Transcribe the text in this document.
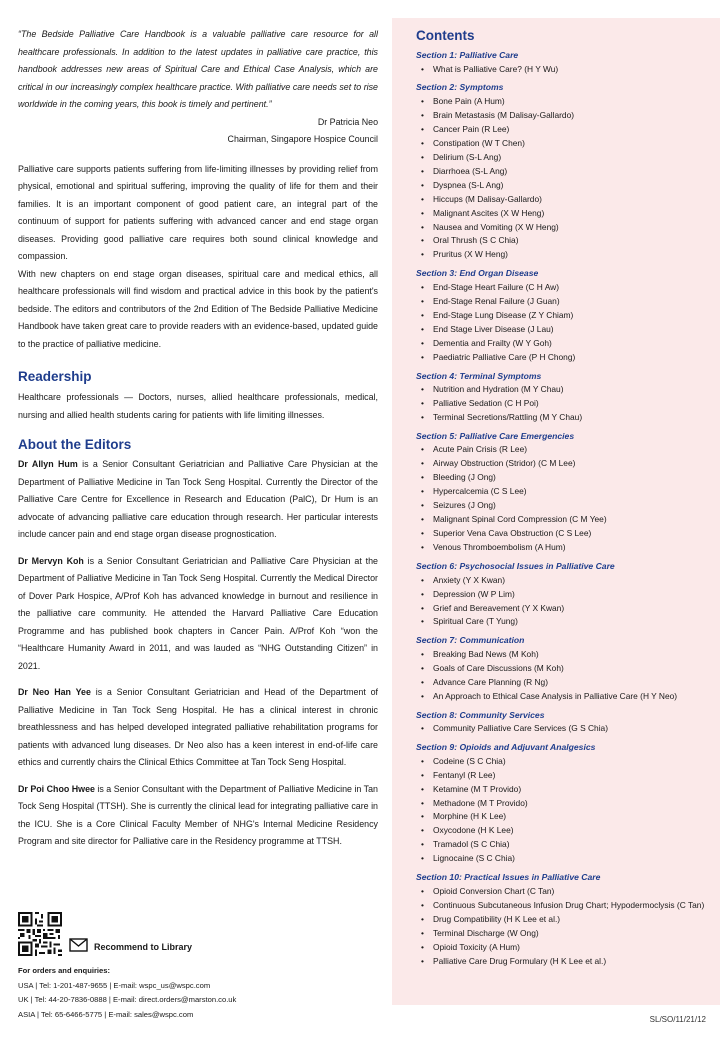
“The Bedside Palliative Care Handbook is a valuable palliative care resource for all healthcare professionals. In addition to the latest updates in palliative care practice, this handbook addresses new areas of Spiritual Care and Ethical Case Analysis, which are critical in our increasingly complex healthcare practice. With palliative care needs set to rise worldwide in the coming years, this book is timely and pertinent.”

Dr Patricia Neo

Chairman, Singapore Hospice Council

Palliative care supports patients suffering from life-limiting illnesses by providing relief from physical, emotional and spiritual suffering, improving the quality of life for them and their families. It is an important component of good patient care, an integral part of the continuum of support for patients suffering with advanced cancer and end stage organ diseases. Providing good palliative care requires both sound clinical knowledge and compassion.

With new chapters on end stage organ diseases, spiritual care and medical ethics, all healthcare professionals will find wisdom and practical advice in this book by the patient's bedside. The editors and contributors of the 2nd Edition of The Bedside Palliative Medicine Handbook have taken great care to provide readers with an evidence-based, updated guide to the practice of palliative medicine.

Readership

Healthcare professionals — Doctors, nurses, allied healthcare professionals, medical, nursing and allied health students caring for patients with life limiting illnesses.

About the Editors

Dr Allyn Hum is a Senior Consultant Geriatrician and Palliative Care Physician at the Department of Palliative Medicine in Tan Tock Seng Hospital. Currently the Director of the Palliative Care Centre for Excellence in Research and Education (PalC), Dr Hum is an advocate of advancing palliative care education through research. Her particular interests include cancer pain and end stage organ disease prognostication.

Dr Mervyn Koh is a Senior Consultant Geriatrician and Palliative Care Physician at the Department of Palliative Medicine in Tan Tock Seng Hospital. Currently the Medical Director of Dover Park Hospice, A/Prof Koh has advanced knowledge in burnout and resilience in the palliative care community. He attended the Harvard Palliative Care Education Programme and has published book chapters in Cancer Pain. A/Prof Koh “won the “Healthcare Humanity Award in 2011, and was lauded as “NHG Outstanding Citizen” in 2021.

Dr Neo Han Yee is a Senior Consultant Geriatrician and Head of the Department of Palliative Medicine in Tan Tock Seng Hospital. He has a clinical interest in chronic breathlessness and has helped developed integrated palliative rehabilitation programs for patients with advanced lung diseases. Dr Neo also has a keen interest in end-of-life care ethics and currently chairs the Clinical Ethics Committee at Tan Tock Seng Hospital.

Dr Poi Choo Hwee is a Senior Consultant with the Department of Palliative Medicine in Tan Tock Seng Hospital (TTSH). She is currently the clinical lead for integrating palliative care in the ICU. She is a Core Clinical Faculty Member of NHG's Internal Medicine Residency Program and site director for Palliative care in the Residency programme at TTSH.

Recommend to Library
For orders and enquiries:
USA | Tel: 1-201-487-9655 | E-mail: wspc_us@wspc.com
UK | Tel: 44-20-7836-0888 | E-mail: direct.orders@marston.co.uk
ASIA | Tel: 65-6466-5775 | E-mail: sales@wspc.com
Contents
Section 1: Palliative Care
• What is Palliative Care? (H Y Wu)
Section 2: Symptoms
• Bone Pain (A Hum)
• Brain Metastasis (M Dalisay-Gallardo)
• Cancer Pain (R Lee)
• Constipation (W T Chen)
• Delirium (S-L Ang)
• Diarrhoea (S-L Ang)
• Dyspnea (S-L Ang)
• Hiccups (M Dalisay-Gallardo)
• Malignant Ascites (X W Heng)
• Nausea and Vomiting (X W Heng)
• Oral Thrush (S C Chia)
• Pruritus (X W Heng)
Section 3: End Organ Disease
• End-Stage Heart Failure (C H Aw)
• End-Stage Renal Failure (J Guan)
• End-Stage Lung Disease (Z Y Chiam)
• End Stage Liver Disease (J Lau)
• Dementia and Frailty (W Y Goh)
• Paediatric Palliative Care (P H Chong)
Section 4: Terminal Symptoms
• Nutrition and Hydration (M Y Chau)
• Palliative Sedation (C H Poi)
• Terminal Secretions/Rattling (M Y Chau)
Section 5: Palliative Care Emergencies
• Acute Pain Crisis (R Lee)
• Airway Obstruction (Stridor) (C M Lee)
• Bleeding (J Ong)
• Hypercalcemia (C S Lee)
• Seizures (J Ong)
• Malignant Spinal Cord Compression (C M Yee)
• Superior Vena Cava Obstruction (C S Lee)
• Venous Thromboembolism (A Hum)
Section 6: Psychosocial Issues in Palliative Care
• Anxiety (Y X Kwan)
• Depression (W P Lim)
• Grief and Bereavement (Y X Kwan)
• Spiritual Care (T Yung)
Section 7: Communication
• Breaking Bad News (M Koh)
• Goals of Care Discussions (M Koh)
• Advance Care Planning (R Ng)
• An Approach to Ethical Case Analysis in Palliative Care (H Y Neo)
Section 8: Community Services
• Community Palliative Care Services (G S Chia)
Section 9: Opioids and Adjuvant Analgesics
• Codeine (S C Chia)
• Fentanyl (R Lee)
• Ketamine (M T Provido)
• Methadone (M T Provido)
• Morphine (H K Lee)
• Oxycodone (H K Lee)
• Tramadol (S C Chia)
• Lignocaine (S C Chia)
Section 10: Practical Issues in Palliative Care
• Opioid Conversion Chart (C Tan)
• Continuous Subcutaneous Infusion Drug Chart; Hypodermoclysis (C Tan)
• Drug Compatibility (H K Lee et al.)
• Terminal Discharge (W Ong)
• Opioid Toxicity (A Hum)
• Palliative Care Drug Formulary (H K Lee et al.)
SL/SO/11/21/12
